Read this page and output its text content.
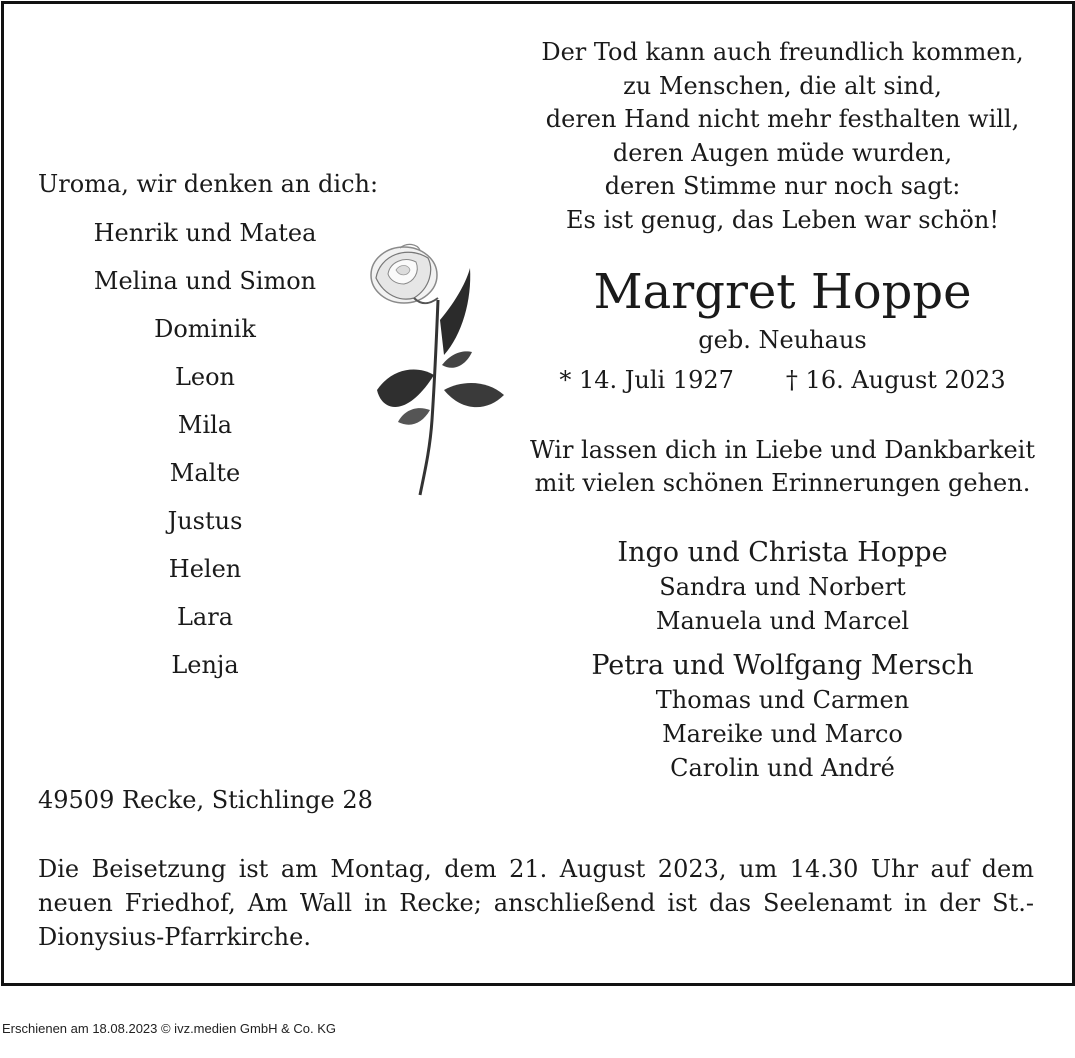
Uroma, wir denken an dich:
Henrik und Matea
Melina und Simon
Dominik
Leon
Mila
Malte
Justus
Helen
Lara
Lenja
Der Tod kann auch freundlich kommen,
zu Menschen, die alt sind,
deren Hand nicht mehr festhalten will,
deren Augen müde wurden,
deren Stimme nur noch sagt:
Es ist genug, das Leben war schön!
Margret Hoppe
geb. Neuhaus
* 14. Juli 1927 † 16. August 2023
Wir lassen dich in Liebe und Dankbarkeit
mit vielen schönen Erinnerungen gehen.
Ingo und Christa Hoppe
Sandra und Norbert
Manuela und Marcel
Petra und Wolfgang Mersch
Thomas und Carmen
Mareike und Marco
Carolin und André
49509 Recke, Stichlinge 28
Die Beisetzung ist am Montag, dem 21. August 2023, um 14.30 Uhr auf dem neuen Friedhof, Am Wall in Recke; anschließend ist das Seelenamt in der St.-Dionysius-Pfarrkirche.
Erschienen am 18.08.2023 © ivz.medien GmbH & Co. KG
